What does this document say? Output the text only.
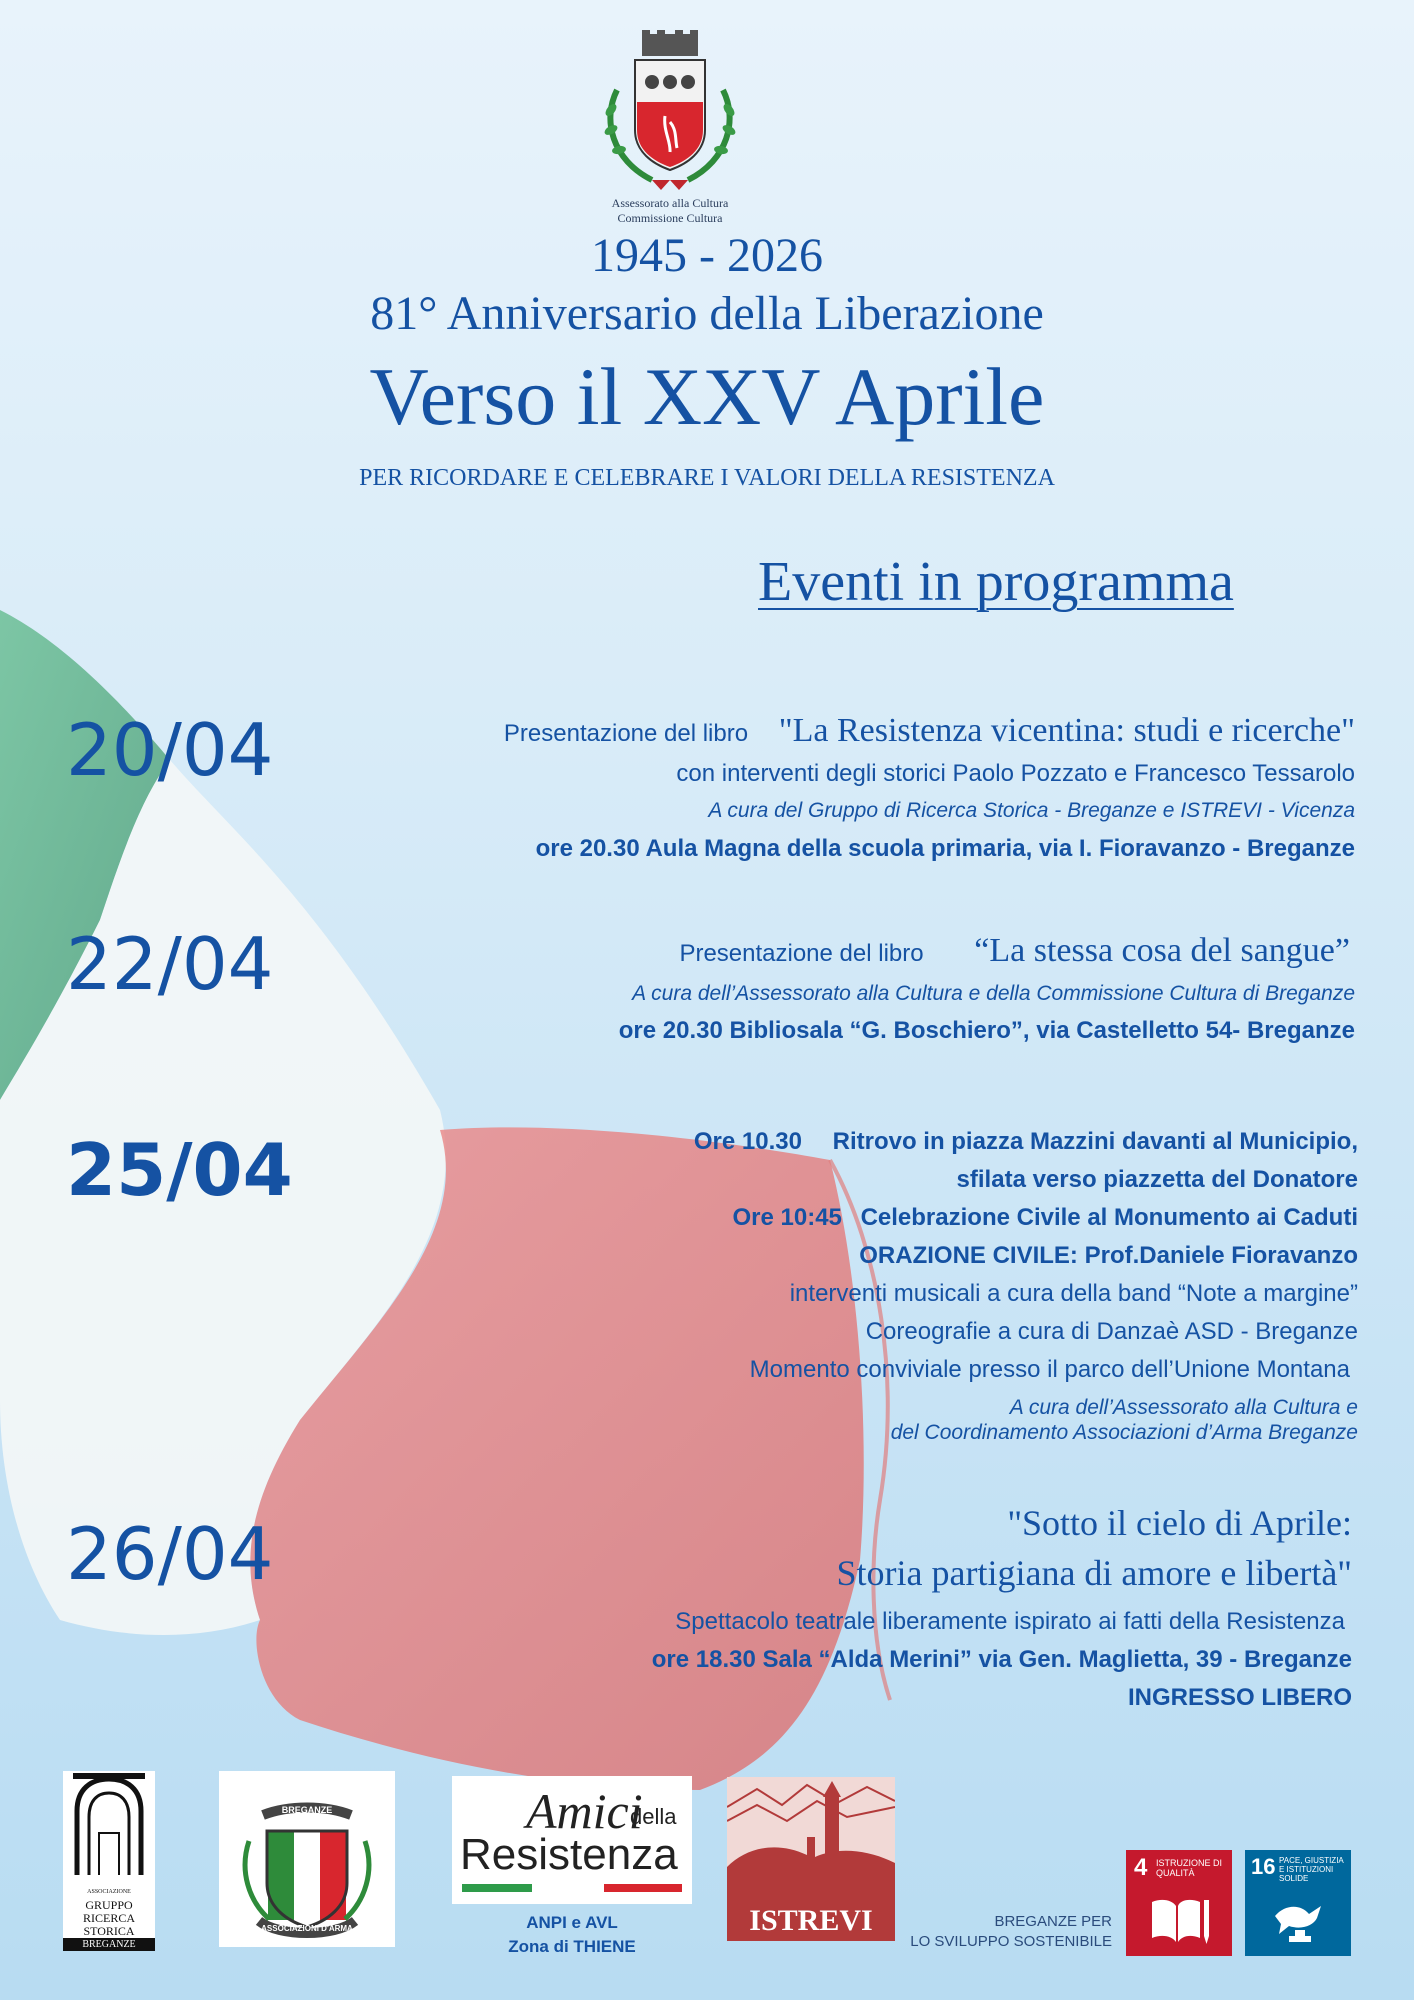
Assessorato alla Cultura
Commissione Cultura
1945 - 2026
81° Anniversario della Liberazione
Verso il XXV Aprile
PER RICORDARE E CELEBRARE I VALORI DELLA RESISTENZA
Eventi in programma
20/04	Presentazione del libro "La Resistenza vicentina: studi e ricerche"
con interventi degli storici Paolo Pozzato e Francesco Tessarolo
A cura del Gruppo di Ricerca Storica - Breganze e ISTREVI - Vicenza
ore 20.30 Aula Magna della scuola primaria, via I. Fioravanzo - Breganze
22/04	Presentazione del libro “La stessa cosa del sangue”
A cura dell’Assessorato alla Cultura e della Commissione Cultura di Breganze
ore 20.30 Bibliosala “G. Boschiero”, via Castelletto 54- Breganze
25/04	Ore 10.30 Ritrovo in piazza Mazzini davanti al Municipio,
sfilata verso piazzetta del Donatore
Ore 10:45 Celebrazione Civile al Monumento ai Caduti
ORAZIONE CIVILE: Prof.Daniele Fioravanzo
interventi musicali a cura della band “Note a margine”
Coreografie a cura di Danzaè ASD - Breganze
Momento conviviale presso il parco dell’Unione Montana
A cura dell’Assessorato alla Cultura e
del Coordinamento Associazioni d’Arma Breganze
26/04	"Sotto il cielo di Aprile:
Storia partigiana di amore e libertà"
Spettacolo teatrale liberamente ispirato ai fatti della Resistenza
ore 18.30 Sala “Alda Merini” via Gen. Maglietta, 39 - Breganze
INGRESSO LIBERO
ASSOCIAZIONE
GRUPPO
RICERCA
STORICA
BREGANZE
BREGANZE
ASSOCIAZIONI D'ARMA
Amici
della
Resistenza
ANPI e AVL
Zona di THIENE
ISTREVI	BREGANZE PER
LO SVILUPPO SOSTENIBILE
4 ISTRUZIONE DI QUALITÀ	16 PACE, GIUSTIZIA E ISTITUZIONI SOLIDE
